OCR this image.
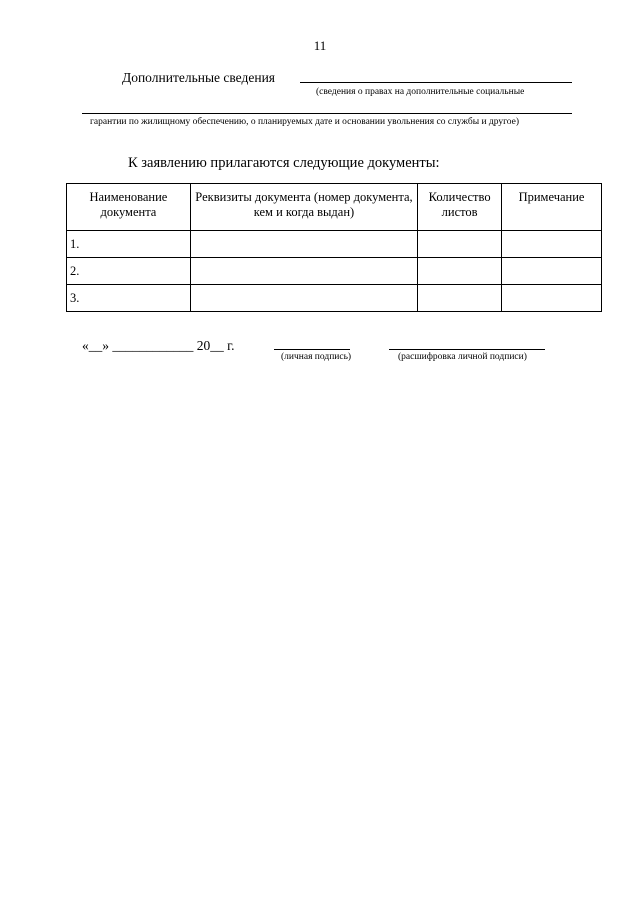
11
Дополнительные сведения
(сведения о правах на дополнительные социальные
гарантии по жилищному обеспечению, о планируемых дате и основании увольнения со службы и другое)
К заявлению прилагаются следующие документы:
Наименование документа	Реквизиты документа (номер документа, кем и когда выдан)	Количество листов	Примечание
1.			
2.			
3.			
«__» ____________ 20__ г.
(личная подпись)	(расшифровка личной подписи)
